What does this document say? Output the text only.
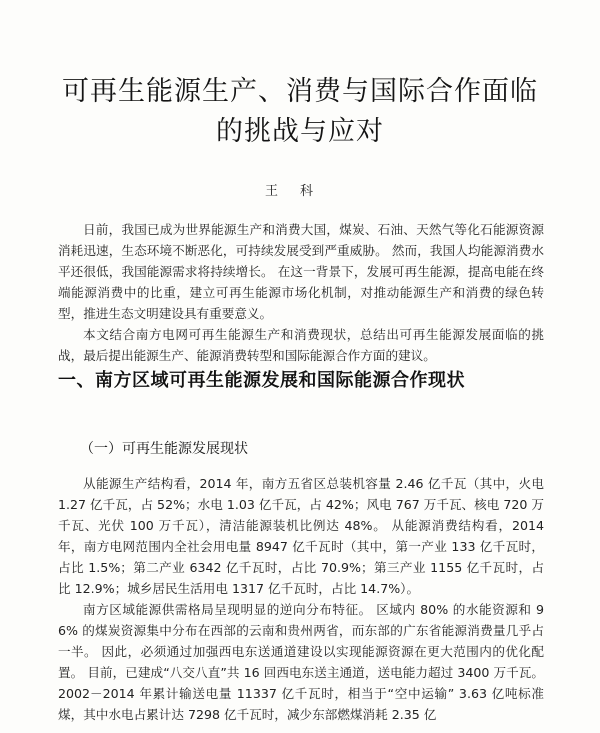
可再生能源生产、消费与国际合作面临
的挑战与应对
王科
日前，我国已成为世界能源生产和消费大国，煤炭、石油、天然气等化石能源资源消耗迅速，生态环境不断恶化，可持续发展受到严重威胁。 然而，我国人均能源消费水平还很低，我国能源需求将持续增长。 在这一背景下，发展可再生能源，提高电能在终端能源消费中的比重，建立可再生能源市场化机制，对推动能源生产和消费的绿色转型，推进生态文明建设具有重要意义。
本文结合南方电网可再生能源生产和消费现状，总结出可再生能源发展面临的挑战，最后提出能源生产、能源消费转型和国际能源合作方面的建议。
一、南方区域可再生能源发展和国际能源合作现状
（一）可再生能源发展现状
从能源生产结构看，2014 年，南方五省区总装机容量 2.46 亿千瓦（其中，火电 1.27 亿千瓦，占 52%；水电 1.03 亿千瓦，占 42%；风电 767 万千瓦、核电 720 万千瓦、光伏 100 万千瓦），清洁能源装机比例达 48%。 从能源消费结构看，2014 年，南方电网范围内全社会用电量 8947 亿千瓦时（其中，第一产业 133 亿千瓦时，占比 1.5%；第二产业 6342 亿千瓦时，占比 70.9%；第三产业 1155 亿千瓦时，占比 12.9%；城乡居民生活用电 1317 亿千瓦时，占比 14.7%）。
南方区域能源供需格局呈现明显的逆向分布特征。 区域内 80% 的水能资源和 96% 的煤炭资源集中分布在西部的云南和贵州两省，而东部的广东省能源消费量几乎占一半。 因此，必须通过加强西电东送通道建设以实现能源资源在更大范围内的优化配置。 目前，已建成“八交八直”共 16 回西电东送主通道，送电能力超过 3400 万千瓦。 2002－2014 年累计输送电量 11337 亿千瓦时，相当于“空中运输” 3.63 亿吨标准煤，其中水电占累计达 7298 亿千瓦时，减少东部燃煤消耗 2.35 亿
